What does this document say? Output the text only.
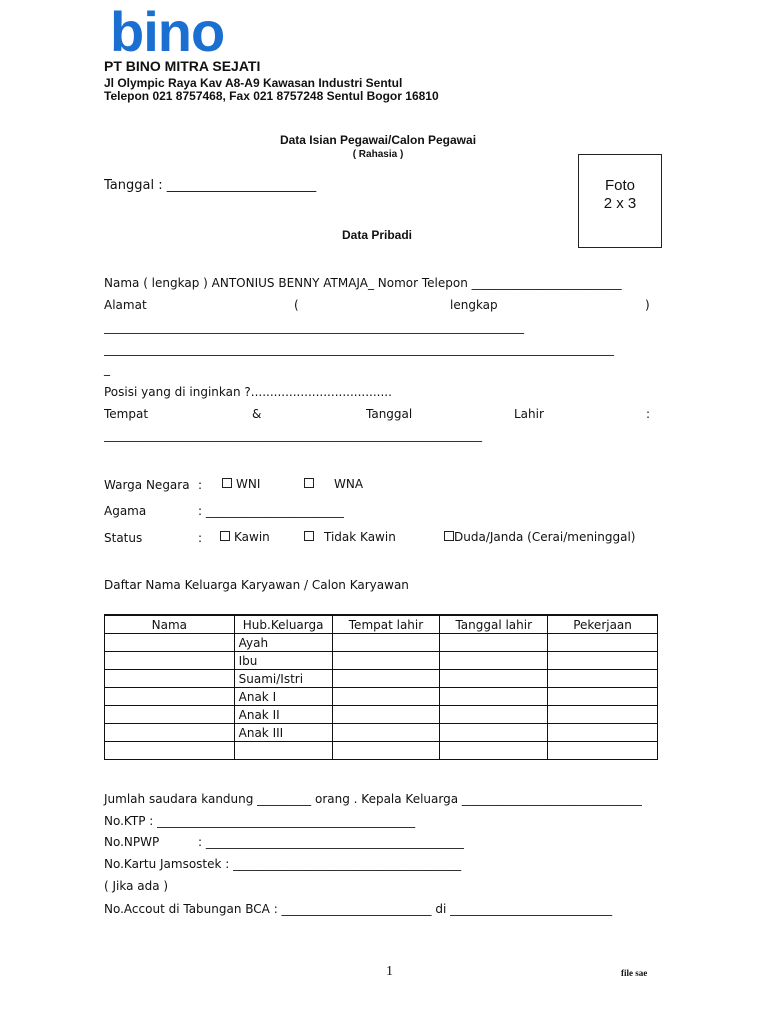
bino
PT BINO MITRA SEJATI
Jl Olympic Raya Kav A8-A9 Kawasan Industri Sentul
Telepon 021 8757468, Fax 021 8757248 Sentul Bogor 16810
Data Isian Pegawai/Calon Pegawai
( Rahasia )
Tanggal : _______________________	Foto
2 x 3
Data Pribadi
Nama ( lengkap ) ANTONIUS BENNY ATMAJA_ Nomor Telepon _________________________
Alamat	(	lengkap	)
______________________________________________________________________
_____________________________________________________________________________________
_
Posisi yang di inginkan ?.....................................
Tempat	&	Tanggal	Lahir	:
_______________________________________________________________
Warga Negara :	WNI	WNA
Agama	: _______________________
Status	:	Kawin	Tidak Kawin	Duda/Janda (Cerai/meninggal)
Daftar Nama Keluarga Karyawan / Calon Karyawan
Nama	Hub.Keluarga	Tempat lahir	Tanggal lahir	Pekerjaan
	Ayah			
	Ibu			
	Suami/Istri			
	Anak I			
	Anak II			
	Anak III			

Jumlah saudara kandung _________ orang . Kepala Keluarga ______________________________
No.KTP : ___________________________________________
No.NPWP	: ___________________________________________
No.Kartu Jamsostek : ______________________________________
( Jika ada )
No.Accout di Tabungan BCA : _________________________ di ___________________________
1	file sae
